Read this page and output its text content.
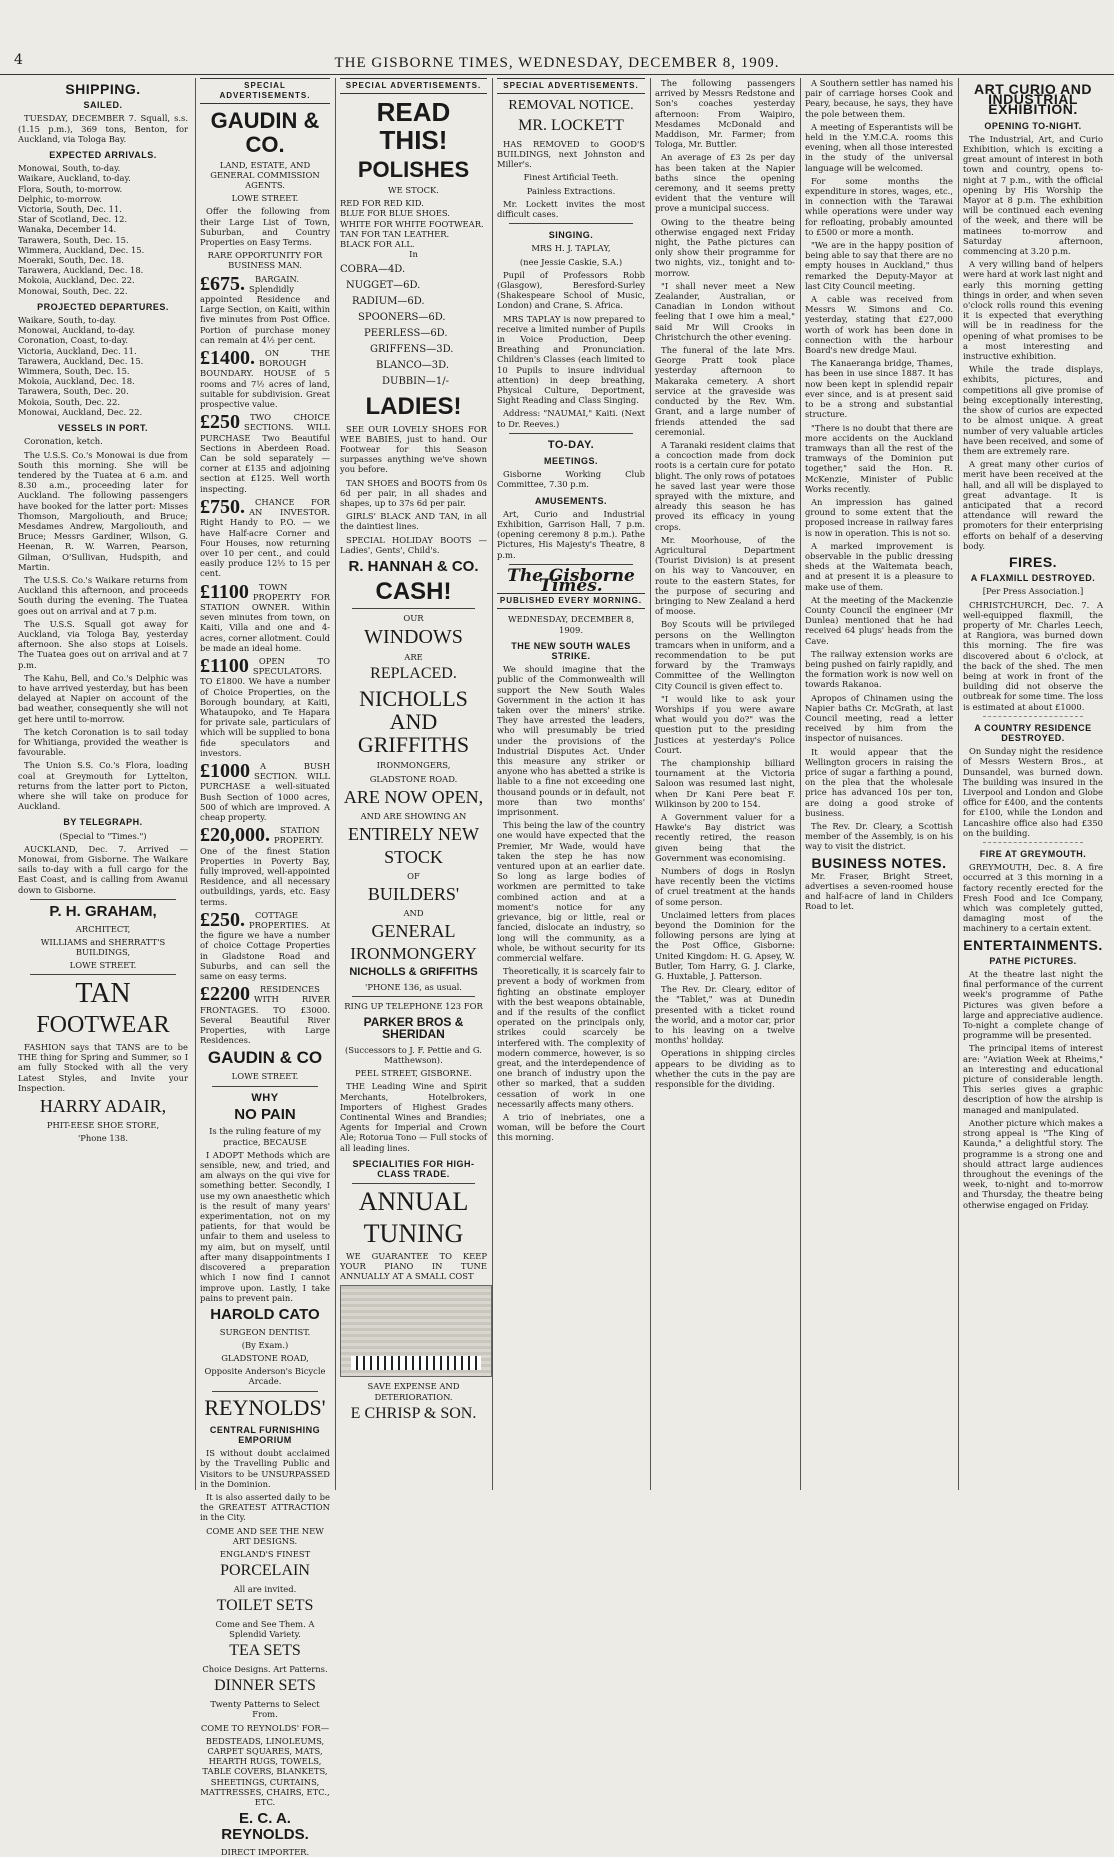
4	THE GISBORNE TIMES, WEDNESDAY, DECEMBER 8, 1909.
SHIPPING.
SAILED.

TUESDAY, DECEMBER 7. Squall, s.s. (1.15 p.m.), 369 tons, Benton, for Auckland, via Tologa Bay.

EXPECTED ARRIVALS.
Monowai, South, to-day.
Waikare, Auckland, to-day.
Flora, South, to-morrow.
Delphic, to-morrow.
Victoria, South, Dec. 11.
Star of Scotland, Dec. 12.
Wanaka, December 14.
Tarawera, South, Dec. 15.
Wimmera, Auckland, Dec. 15.
Moeraki, South, Dec. 18.
Tarawera, Auckland, Dec. 18.
Mokoia, Auckland, Dec. 22.
Monowai, South, Dec. 22.
PROJECTED DEPARTURES.
Waikare, South, to-day.
Monowai, Auckland, to-day.
Coronation, Coast, to-day.
Victoria, Auckland, Dec. 11.
Tarawera, Auckland, Dec. 15.
Wimmera, South, Dec. 15.
Mokoia, Auckland, Dec. 18.
Tarawera, South, Dec. 20.
Mokoia, South, Dec. 22.
Monowai, Auckland, Dec. 22.
VESSELS IN PORT.

Coronation, ketch.

The U.S.S. Co.'s Monowai is due from South this morning. She will be tendered by the Tuatea at 6 a.m. and 8.30 a.m., proceeding later for Auckland. The following passengers have booked for the latter port: Misses Thomson, Margoliouth, and Bruce; Mesdames Andrew, Margoliouth, and Bruce; Messrs Gardiner, Wilson, G. Heenan, R. W. Warren, Pearson, Gilman, O'Sullivan, Hudspith, and Martin.

The U.S.S. Co.'s Waikare returns from Auckland this afternoon, and proceeds South during the evening. The Tuatea goes out on arrival and at 7 p.m.

The U.S.S. Squall got away for Auckland, via Tologa Bay, yesterday afternoon. She also stops at Loisels. The Tuatea goes out on arrival and at 7 p.m.

The Kahu, Bell, and Co.'s Delphic was to have arrived yesterday, but has been delayed at Napier on account of the bad weather, consequently she will not get here until to-morrow.

The ketch Coronation is to sail today for Whitianga, provided the weather is favourable.

The Union S.S. Co.'s Flora, loading coal at Greymouth for Lyttelton, returns from the latter port to Picton, where she will take on produce for Auckland.

BY TELEGRAPH.

(Special to "Times.")

AUCKLAND, Dec. 7. Arrived — Monowai, from Gisborne. The Waikare sails to-day with a full cargo for the East Coast, and is calling from Awanui down to Gisborne.

P. H. GRAHAM,

ARCHITECT,

WILLIAMS and SHERRATT'S BUILDINGS,

LOWE STREET.

TAN
FOOTWEAR

FASHION says that TANS are to be THE thing for Spring and Summer, so I am fully Stocked with all the very Latest Styles, and Invite your Inspection.

HARRY ADAIR,

PHIT-EESE SHOE STORE,

'Phone 138.

SPECIAL ADVERTISEMENTS.
GAUDIN & CO.

LAND, ESTATE, AND GENERAL COMMISSION AGENTS.

LOWE STREET.

Offer the following from their Large List of Town, Suburban, and Country Properties on Easy Terms.

RARE OPPORTUNITY FOR BUSINESS MAN.

£675.	BARGAIN. Splendidly appointed Residence and Large Section, on Kaiti, within five minutes from Post Office. Portion of purchase money can remain at 4½ per cent.

£1400.	ON THE BOROUGH BOUNDARY. HOUSE of 5 rooms and 7½ acres of land, suitable for subdivision. Great prospective value.

£250	TWO CHOICE SECTIONS. WILL PURCHASE Two Beautiful Sections in Aberdeen Road. Can be sold separately — corner at £135 and adjoining section at £125. Well worth inspecting.

£750.	CHANCE FOR AN INVESTOR. Right Handy to P.O. — we have Half-acre Corner and Four Houses, now returning over 10 per cent., and could easily produce 12½ to 15 per cent.

£1100	TOWN PROPERTY FOR STATION OWNER. Within seven minutes from town, on Kaiti, Villa and one and 4-acres, corner allotment. Could be made an ideal home.

£1100	OPEN TO SPECULATORS. TO £1800. We have a number of Choice Properties, on the Borough boundary, at Kaiti, Whataupoko, and Te Hapara for private sale, particulars of which will be supplied to bona fide speculators and investors.

£1000	A BUSH SECTION. WILL PURCHASE a well-situated Bush Section of 1000 acres, 500 of which are improved. A cheap property.

£20,000.	STATION PROPERTY. One of the finest Station Properties in Poverty Bay, fully improved, well-appointed Residence, and all necessary outbuildings, yards, etc. Easy terms.

£250.	COTTAGE PROPERTIES. At the figure we have a number of choice Cottage Properties in Gladstone Road and Suburbs, and can sell the same on easy terms.

£2200	RESIDENCES WITH RIVER FRONTAGES. TO £3000. Several Beautiful River Properties, with Large Residences.

GAUDIN & CO

LOWE STREET.

WHY
NO PAIN

Is the ruling feature of my practice, BECAUSE

I ADOPT Methods which are sensible, new, and tried, and am always on the qui vive for something better. Secondly, I use my own anaesthetic which is the result of many years' experimentation, not on my patients, for that would be unfair to them and useless to my aim, but on myself, until after many disappointments I discovered a preparation which I now find I cannot improve upon. Lastly, I take pains to prevent pain.

HAROLD CATO

SURGEON DENTIST.

(By Exam.)

GLADSTONE ROAD,

Opposite Anderson's Bicycle Arcade.

REYNOLDS'
CENTRAL FURNISHING EMPORIUM

IS without doubt acclaimed by the Travelling Public and Visitors to be UNSURPASSED in the Dominion.

It is also asserted daily to be the GREATEST ATTRACTION in the City.

COME AND SEE THE NEW ART DESIGNS.

ENGLAND'S FINEST

PORCELAIN

All are invited.

TOILET SETS

Come and See Them. A Splendid Variety.

TEA SETS

Choice Designs. Art Patterns.

DINNER SETS

Twenty Patterns to Select From.

COME TO REYNOLDS' FOR—

BEDSTEADS, LINOLEUMS, CARPET SQUARES, MATS, HEARTH RUGS, TOWELS, TABLE COVERS, BLANKETS, SHEETINGS, CURTAINS, MATTRESSES, CHAIRS, ETC., ETC.

E. C. A. REYNOLDS.

DIRECT IMPORTER.

SPECIAL ADVERTISEMENTS.
READ THIS!
POLISHES

WE STOCK.

RED FOR RED KID.
BLUE FOR BLUE SHOES.
WHITE FOR WHITE FOOTWEAR.
TAN FOR TAN LEATHER.
BLACK FOR ALL.

In

COBRA—4D.
NUGGET—6D.
RADIUM—6D.
SPOONERS—6D.
PEERLESS—6D.
GRIFFENS—3D.
BLANCO—3D.
DUBBIN—1/-
LADIES!

SEE OUR LOVELY SHOES FOR WEE BABIES, just to hand. Our Footwear for this Season surpasses anything we've shown you before.

TAN SHOES and BOOTS from 0s 6d per pair, in all shades and shapes, up to 37s 6d per pair.

GIRLS' BLACK AND TAN, in all the daintiest lines.

SPECIAL HOLIDAY BOOTS — Ladies', Gents', Child's.

R. HANNAH & CO.
CASH!

OUR

WINDOWS

ARE

REPLACED.
NICHOLLS AND GRIFFITHS

IRONMONGERS,

GLADSTONE ROAD.

ARE NOW OPEN,

AND ARE SHOWING AN

ENTIRELY NEW
STOCK

OF

BUILDERS'

AND

GENERAL
IRONMONGERY
NICHOLLS & GRIFFITHS

'PHONE 136, as usual.

RING UP TELEPHONE 123 FOR

PARKER BROS & SHERIDAN

(Successors to J. F. Pettie and G. Matthewson).

PEEL STREET, GISBORNE.

THE Leading Wine and Spirit Merchants, Hotelbrokers, Importers of Highest Grades Continental Wines and Brandies; Agents for Imperial and Crown Ale; Rotorua Tono — Full stocks of all leading lines.

SPECIALITIES FOR HIGH-CLASS TRADE.
ANNUAL
TUNING

WE GUARANTEE TO KEEP YOUR PIANO IN TUNE ANNUALLY AT A SMALL COST

SAVE EXPENSE AND DETERIORATION.

E CHRISP & SON.
SPECIAL ADVERTISEMENTS.
REMOVAL NOTICE.
MR. LOCKETT

HAS REMOVED to GOOD'S BUILDINGS, next Johnston and Miller's.

Finest Artificial Teeth.

Painless Extractions.

Mr. Lockett invites the most difficult cases.

SINGING.

MRS H. J. TAPLAY,

(nee Jessie Caskie, S.A.)

Pupil of Professors Robb (Glasgow), Beresford-Surley (Shakespeare School of Music, London) and Crane, S. Africa.

MRS TAPLAY is now prepared to receive a limited number of Pupils in Voice Production, Deep Breathing and Pronunciation. Children's Classes (each limited to 10 Pupils to insure individual attention) in deep breathing, Physical Culture, Deportment, Sight Reading and Class Singing.

Address: "NAUMAI," Kaiti. (Next to Dr. Reeves.)

TO-DAY.
MEETINGS.

Gisborne Working Club Committee, 7.30 p.m.

AMUSEMENTS.

Art, Curio and Industrial Exhibition, Garrison Hall, 7 p.m. (opening ceremony 8 p.m.). Pathe Pictures, His Majesty's Theatre, 8 p.m.

The Gisborne Times.
PUBLISHED EVERY MORNING.

WEDNESDAY, DECEMBER 8, 1909.

THE NEW SOUTH WALES STRIKE.

We should imagine that the public of the Commonwealth will support the New South Wales Government in the action it has taken over the miners' strike. They have arrested the leaders, who will presumably be tried under the provisions of the Industrial Disputes Act. Under this measure any striker or anyone who has abetted a strike is liable to a fine not exceeding one thousand pounds or in default, not more than two months' imprisonment.

This being the law of the country one would have expected that the Premier, Mr Wade, would have taken the step he has now ventured upon at an earlier date. So long as large bodies of workmen are permitted to take combined action and at a moment's notice for any grievance, big or little, real or fancied, dislocate an industry, so long will the community, as a whole, be without security for its commercial welfare.

Theoretically, it is scarcely fair to prevent a body of workmen from fighting an obstinate employer with the best weapons obtainable, and if the results of the conflict operated on the principals only, strikes could scarcely be interfered with. The complexity of modern commerce, however, is so great, and the interdependence of one branch of industry upon the other so marked, that a sudden cessation of work in one necessarily affects many others.

A trio of inebriates, one a woman, will be before the Court this morning.

The following passengers arrived by Messrs Redstone and Son's coaches yesterday afternoon: From Waipiro, Mesdames McDonald and Maddison, Mr. Farmer; from Tologa, Mr. Buttler.

An average of £3 2s per day has been taken at the Napier baths since the opening ceremony, and it seems pretty evident that the venture will prove a municipal success.

Owing to the theatre being otherwise engaged next Friday night, the Pathe pictures can only show their programme for two nights, viz., tonight and to-morrow.

"I shall never meet a New Zealander, Australian, or Canadian in London without feeling that I owe him a meal," said Mr Will Crooks in Christchurch the other evening.

The funeral of the late Mrs. George Pratt took place yesterday afternoon to Makaraka cemetery. A short service at the graveside was conducted by the Rev. Wm. Grant, and a large number of friends attended the sad ceremonial.

A Taranaki resident claims that a concoction made from dock roots is a certain cure for potato blight. The only rows of potatoes he saved last year were those sprayed with the mixture, and already this season he has proved its efficacy in young crops.

Mr. Moorhouse, of the Agricultural Department (Tourist Division) is at present on his way to Vancouver, en route to the eastern States, for the purpose of securing and bringing to New Zealand a herd of moose.

Boy Scouts will be privileged persons on the Wellington tramcars when in uniform, and a recommendation to be put forward by the Tramways Committee of the Wellington City Council is given effect to.

"I would like to ask your Worships if you were aware what would you do?" was the question put to the presiding Justices at yesterday's Police Court.

The championship billiard tournament at the Victoria Saloon was resumed last night, when Dr Kani Pere beat F. Wilkinson by 200 to 154.

A Government valuer for a Hawke's Bay district was recently retired, the reason given being that the Government was economising.

Numbers of dogs in Roslyn have recently been the victims of cruel treatment at the hands of some person.

Unclaimed letters from places beyond the Dominion for the following persons are lying at the Post Office, Gisborne: United Kingdom: H. G. Apsey, W. Butler, Tom Harry, G. J. Clarke, G. Huxtable, J. Patterson.

The Rev. Dr. Cleary, editor of the "Tablet," was at Dunedin presented with a ticket round the world, and a motor car, prior to his leaving on a twelve months' holiday.

Operations in shipping circles appears to be dividing as to whether the cuts in the pay are responsible for the dividing.

A Southern settler has named his pair of carriage horses Cook and Peary, because, he says, they have the pole between them.

A meeting of Esperantists will be held in the Y.M.C.A. rooms this evening, when all those interested in the study of the universal language will be welcomed.

For some months the expenditure in stores, wages, etc., in connection with the Tarawai while operations were under way for refloating, probably amounted to £500 or more a month.

"We are in the happy position of being able to say that there are no empty houses in Auckland," thus remarked the Deputy-Mayor at last City Council meeting.

A cable was received from Messrs W. Simons and Co. yesterday, stating that £27,000 worth of work has been done in connection with the harbour Board's new dredge Maui.

The Kanaeranga bridge, Thames, has been in use since 1887. It has now been kept in splendid repair ever since, and is at present said to be a strong and substantial structure.

"There is no doubt that there are more accidents on the Auckland tramways than all the rest of the tramways of the Dominion put together," said the Hon. R. McKenzie, Minister of Public Works recently.

An impression has gained ground to some extent that the proposed increase in railway fares is now in operation. This is not so.

A marked improvement is observable in the public dressing sheds at the Waitemata beach, and at present it is a pleasure to make use of them.

At the meeting of the Mackenzie County Council the engineer (Mr Dunlea) mentioned that he had received 64 plugs' heads from the Cave.

The railway extension works are being pushed on fairly rapidly, and the formation work is now well on towards Rakanoa.

Apropos of Chinamen using the Napier baths Cr. McGrath, at last Council meeting, read a letter received by him from the inspector of nuisances.

It would appear that the Wellington grocers in raising the price of sugar a farthing a pound, on the plea that the wholesale price has advanced 10s per ton, are doing a good stroke of business.

The Rev. Dr. Cleary, a Scottish member of the Assembly, is on his way to visit the district.

BUSINESS NOTES.

Mr. Fraser, Bright Street, advertises a seven-roomed house and half-acre of land in Childers Road to let.

ART CURIO AND INDUSTRIAL EXHIBITION.
OPENING TO-NIGHT.

The Industrial, Art, and Curio Exhibition, which is exciting a great amount of interest in both town and country, opens to-night at 7 p.m., with the official opening by His Worship the Mayor at 8 p.m. The exhibition will be continued each evening of the week, and there will be matinees to-morrow and Saturday afternoon, commencing at 3.20 p.m.

A very willing band of helpers were hard at work last night and early this morning getting things in order, and when seven o'clock rolls round this evening it is expected that everything will be in readiness for the opening of what promises to be a most interesting and instructive exhibition.

While the trade displays, exhibits, pictures, and competitions all give promise of being exceptionally interesting, the show of curios are expected to be almost unique. A great number of very valuable articles have been received, and some of them are extremely rare.

A great many other curios of merit have been received at the hall, and all will be displayed to great advantage. It is anticipated that a record attendance will reward the promoters for their enterprising efforts on behalf of a deserving body.

FIRES.
A FLAXMILL DESTROYED.

[Per Press Association.]

CHRISTCHURCH, Dec. 7. A well-equipped flaxmill, the property of Mr. Charles Leech, at Rangiora, was burned down this morning. The fire was discovered about 6 o'clock, at the back of the shed. The men being at work in front of the building did not observe the outbreak for some time. The loss is estimated at about £1000.

A COUNTRY RESIDENCE DESTROYED.

On Sunday night the residence of Messrs Western Bros., at Dunsandel, was burned down. The building was insured in the Liverpool and London and Globe office for £400, and the contents for £100, while the London and Lancashire office also had £350 on the building.

FIRE AT GREYMOUTH.

GREYMOUTH, Dec. 8. A fire occurred at 3 this morning in a factory recently erected for the Fresh Food and Ice Company, which was completely gutted, damaging most of the machinery to a certain extent.

ENTERTAINMENTS.
PATHE PICTURES.

At the theatre last night the final performance of the current week's programme of Pathe Pictures was given before a large and appreciative audience. To-night a complete change of programme will be presented.

The principal items of interest are: "Aviation Week at Rheims," an interesting and educational picture of considerable length. This series gives a graphic description of how the airship is managed and manipulated.

Another picture which makes a strong appeal is "The King of Kaunda," a delightful story. The programme is a strong one and should attract large audiences throughout the evenings of the week, to-night and to-morrow and Thursday, the theatre being otherwise engaged on Friday.
